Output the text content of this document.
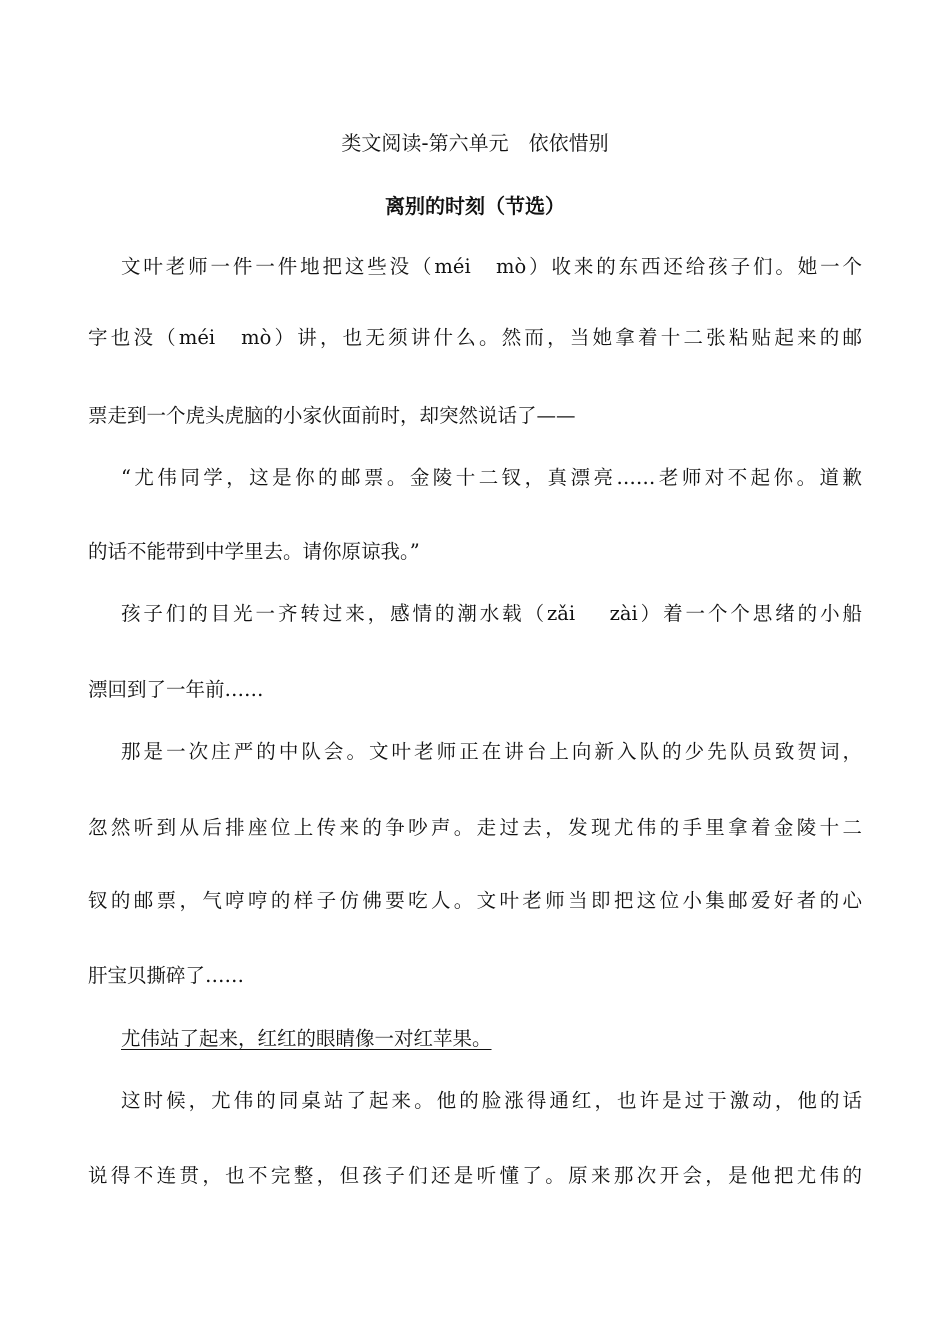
类文阅读-第六单元　依依惜别
离别的时刻（节选）
文叶老师一件一件地把这些没（méi　mò）收来的东西还给孩子们。她一个
字也没（méi　mò）讲，也无须讲什么。然而，当她拿着十二张粘贴起来的邮
票走到一个虎头虎脑的小家伙面前时，却突然说话了——
“尤伟同学，这是你的邮票。金陵十二钗，真漂亮……老师对不起你。道歉
的话不能带到中学里去。请你原谅我。”
孩子们的目光一齐转过来，感情的潮水载（zǎi　 zài）着一个个思绪的小船
漂回到了一年前……
那是一次庄严的中队会。文叶老师正在讲台上向新入队的少先队员致贺词，
忽然听到从后排座位上传来的争吵声。走过去，发现尤伟的手里拿着金陵十二
钗的邮票，气哼哼的样子仿佛要吃人。文叶老师当即把这位小集邮爱好者的心
肝宝贝撕碎了……
尤伟站了起来，红红的眼睛像一对红苹果。
这时候，尤伟的同桌站了起来。他的脸涨得通红，也许是过于激动，他的话
说得不连贯，也不完整，但孩子们还是听懂了。原来那次开会，是他把尤伟的
